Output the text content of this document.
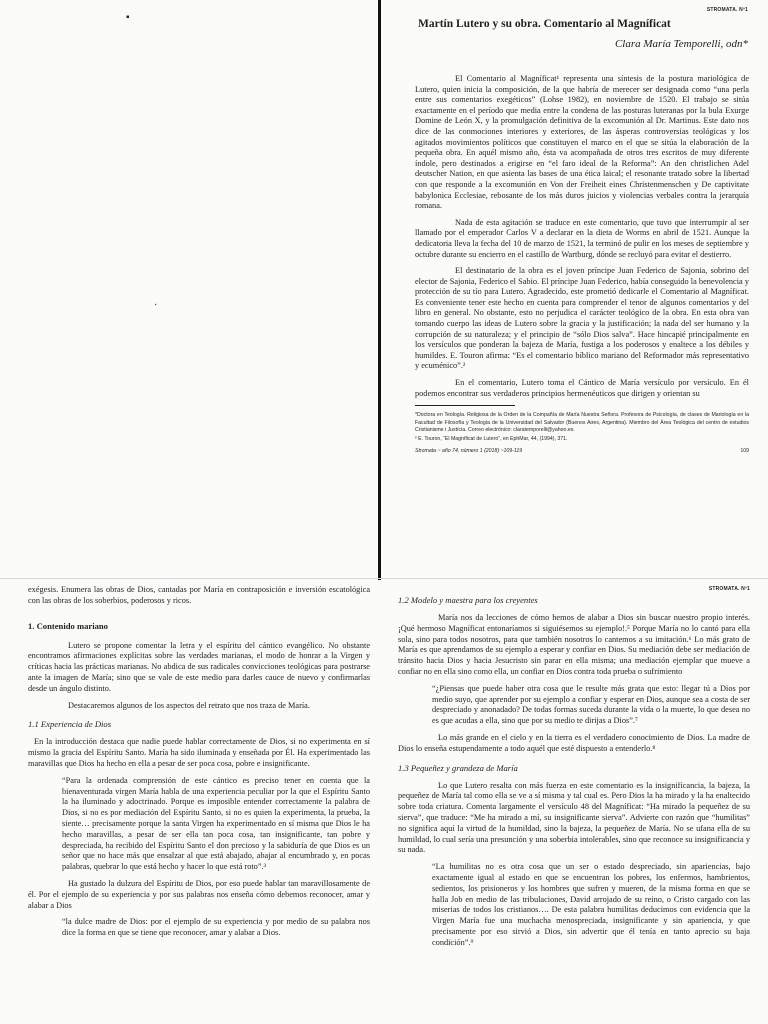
▪
·
STROMATA. Nº1
Martín Lutero y su obra. Comentario al Magníficat
Clara María Temporelli, odn*

El Comentario al Magníficat¹ representa una síntesis de la postura mariológica de Lutero, quien inicia la composición, de la que habría de merecer ser designada como “una perla entre sus comentarios exegéticos” (Lohse 1982), en noviembre de 1520. El trabajo se sitúa exactamente en el período que media entre la condena de las posturas luteranas por la bula Exurge Domine de León X, y la promulgación definitiva de la excomunión al Dr. Martinus. Este dato nos dice de las conmociones interiores y exteriores, de las ásperas controversias teológicas y los agitados movimientos políticos que constituyen el marco en el que se sitúa la elaboración de la pequeña obra. En aquél mismo año, ésta va acompañada de otros tres escritos de muy diferente índole, pero destinados a erigirse en “el faro ideal de la Reforma”: An den christlichen Adel deutscher Nation, en que asienta las bases de una ética laical; el resonante tratado sobre la libertad con que responde a la excomunión en Von der Freiheit eines Christenmenschen y De captivitate babylonica Ecclesiae, rebosante de los más duros juicios y violencias verbales contra la jerarquía romana.

Nada de esta agitación se traduce en este comentario, que tuvo que interrumpir al ser llamado por el emperador Carlos V a declarar en la dieta de Worms en abril de 1521. Aunque la dedicatoria lleva la fecha del 10 de marzo de 1521, la terminó de pulir en los meses de septiembre y octubre durante su encierro en el castillo de Wartburg, dónde se recluyó para evitar el destierro.

El destinatario de la obra es el joven príncipe Juan Federico de Sajonia, sobrino del elector de Sajonia, Federico el Sabio. El príncipe Juan Federico, había conseguido la benevolencia y protección de su tío para Lutero. Agradecido, este prometió dedicarle el Comentario al Magníficat. Es conveniente tener este hecho en cuenta para comprender el tenor de algunos comentarios y del libro en general. No obstante, esto no perjudica el carácter teológico de la obra. En esta obra van tomando cuerpo las ideas de Lutero sobre la gracia y la justificación; la nada del ser humano y la corrupción de su naturaleza; y el principio de “sólo Dios salva”. Hace hincapié principalmente en los versículos que ponderan la bajeza de María, fustiga a los poderosos y enaltece a los débiles y humildes. E. Touron afirma: “Es el comentario bíblico mariano del Reformador más representativo y ecuménico”.²

En el comentario, Lutero toma el Cántico de María versículo por versículo. En él podemos encontrar sus verdaderos principios hermenéuticos que dirigen y orientan su

*Doctora en Teología. Religiosa de la Orden de la Compañía de María Nuestra Señora. Profesora de Psicología, de clases de Mariología en la Facultad de Filosofía y Teología de la Universidad del Salvador (Buenos Aires, Argentina). Miembro del Área Teológica del centro de estudios Cristianisme i Justícia. Correo electrónico: claratemporelli@yahoo.es.

² E. Touron, “El Magníficat de Lutero”, en EphMar, 44, (1994), 371.

Stromata ~ año 74, número 1 (2018) ~109-119	109
STROMATA. Nº1

exégesis. Enumera las obras de Dios, cantadas por María en contraposición e inversión escatológica con las obras de los soberbios, poderosos y ricos.

1. Contenido mariano

Lutero se propone comentar la letra y el espíritu del cántico evangélico. No obstante encontramos afirmaciones explícitas sobre las verdades marianas, el modo de honrar a la Virgen y críticas hacia las prácticas marianas. No abdica de sus radicales convicciones teológicas para postrarse ante la imagen de María; sino que se vale de este medio para darles cauce de nuevo y confirmarlas desde un ángulo distinto.

Destacaremos algunos de los aspectos del retrato que nos traza de María.

1.1 Experiencia de Dios

En la introducción destaca que nadie puede hablar correctamente de Dios, si no experimenta en sí mismo la gracia del Espíritu Santo. María ha sido iluminada y enseñada por Él. Ha experimentado las maravillas que Dios ha hecho en ella a pesar de ser poca cosa, pobre e insignificante.

“Para la ordenada comprensión de este cántico es preciso tener en cuenta que la bienaventurada virgen María habla de una experiencia peculiar por la que el Espíritu Santo la ha iluminado y adoctrinado. Porque es imposible entender correctamente la palabra de Dios, si no es por mediación del Espíritu Santo, si no es quien la experimenta, la prueba, la siente… precisamente porque la santa Virgen ha experimentado en sí misma que Dios le ha hecho maravillas, a pesar de ser ella tan poca cosa, tan insignificante, tan pobre y despreciada, ha recibido del Espíritu Santo el don precioso y la sabiduría de que Dios es un señor que no hace más que ensalzar al que está abajado, abajar al encumbrado y, en pocas palabras, quebrar lo que está hecho y hacer lo que está roto”.³

Ha gustado la dulzura del Espíritu de Dios, por eso puede hablar tan maravillosamente de él. Por el ejemplo de su experiencia y por sus palabras nos enseña cómo debemos reconocer, amar y alabar a Dios

“la dulce madre de Dios: por el ejemplo de su experiencia y por medio de su palabra nos dice la forma en que se tiene que reconocer, amar y alabar a Dios.

1.2 Modelo y maestra para los creyentes

María nos da lecciones de cómo hemos de alabar a Dios sin buscar nuestro propio interés. ¡Qué hermoso Magníficat entonaríamos si siguiésemos su ejemplo!.⁵ Porque María no lo cantó para ella sola, sino para todos nosotros, para que también nosotros lo cantemos a su imitación.⁶ Lo más grato de María es que aprendamos de su ejemplo a esperar y confiar en Dios. Su mediación debe ser mediación de tránsito hacia Dios y hacia Jesucristo sin parar en ella misma; una mediación ejemplar que mueve a confiar no en ella sino como ella, un confiar en Dios contra toda prueba o sufrimiento

“¿Piensas que puede haber otra cosa que le resulte más grata que esto: llegar tú a Dios por medio suyo, que aprender por su ejemplo a confiar y esperar en Dios, aunque sea a costa de ser despreciado y anonadado? De todas formas suceda durante la vida o la muerte, lo que desea no es que acudas a ella, sino que por su medio te dirijas a Dios”.⁷

Lo más grande en el cielo y en la tierra es el verdadero conocimiento de Dios. La madre de Dios lo enseña estupendamente a todo aquél que esté dispuesto a entenderlo.⁸

1.3 Pequeñez y grandeza de María

Lo que Lutero resalta con más fuerza en este comentario es la insignificancia, la bajeza, la pequeñez de María tal como ella se ve a sí misma y tal cual es. Pero Dios la ha mirado y la ha enaltecido sobre toda criatura. Comenta largamente el versículo 48 del Magníficat: “Ha mirado la pequeñez de su sierva”, que traduce: “Me ha mirado a mí, su insignificante sierva”. Advierte con razón que “humilitas” no significa aquí la virtud de la humildad, sino la bajeza, la pequeñez de María. No se ufana ella de su humildad, lo cual sería una presunción y una soberbia intolerables, sino que reconoce su insignificancia y su nada.

“La humilitas no es otra cosa que un ser o estado despreciado, sin apariencias, bajo exactamente igual al estado en que se encuentran los pobres, los enfermos, hambrientos, sedientos, los prisioneros y los hombres que sufren y mueren, de la misma forma en que se halla Job en medio de las tribulaciones, David arrojado de su reino, o Cristo cargado con las miserias de todos los cristianos…. De esta palabra humilitas deducimos con evidencia que la Virgen María fue una muchacha menospreciada, insignificante y sin apariencia, y que precisamente por eso sirvió a Dios, sin advertir que él tenía en tanto aprecio su baja condición”.⁹
